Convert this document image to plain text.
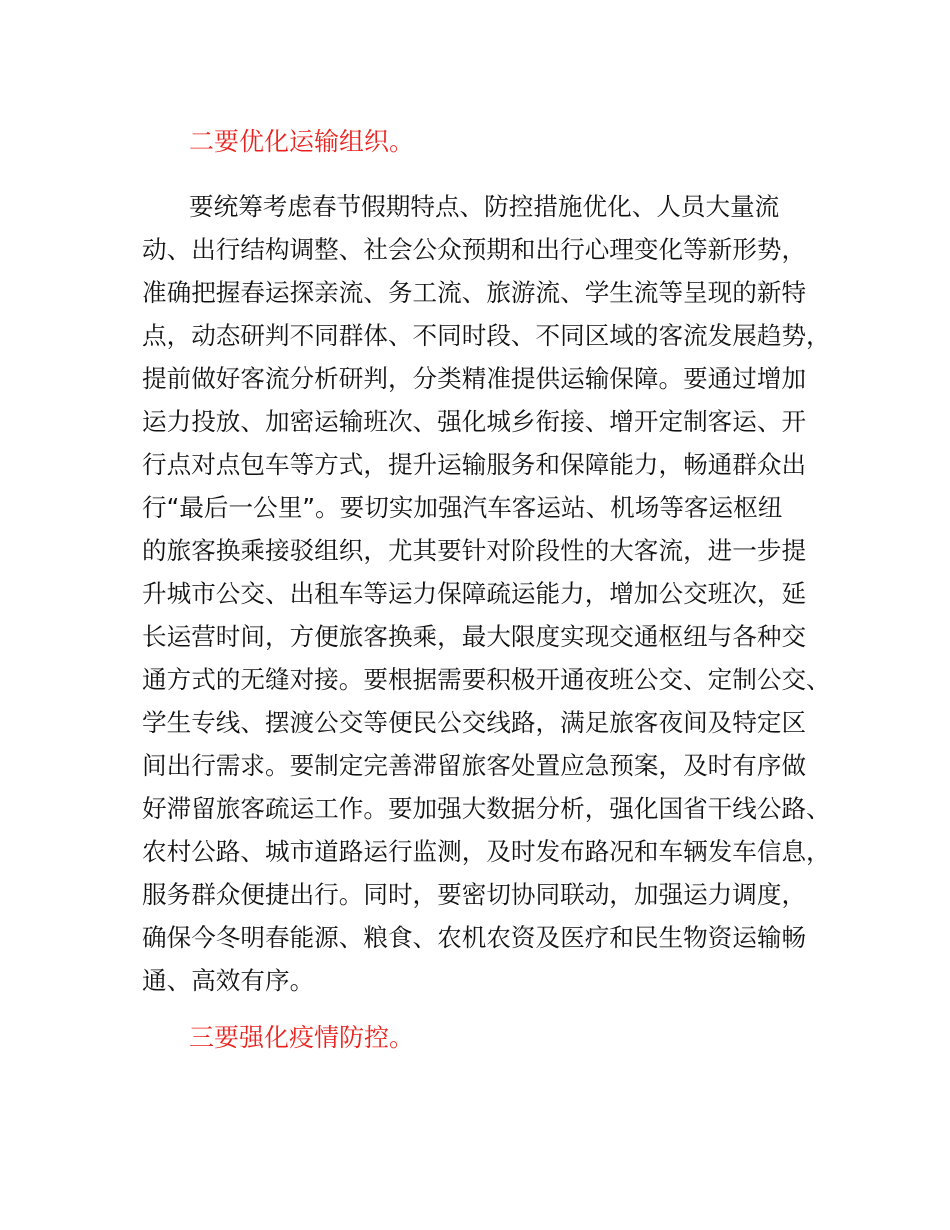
二要优化运输组织。
要统筹考虑春节假期特点、防控措施优化、人员大量流
动、出行结构调整、社会公众预期和出行心理变化等新形势，
准确把握春运探亲流、务工流、旅游流、学生流等呈现的新特
点，动态研判不同群体、不同时段、不同区域的客流发展趋势，
提前做好客流分析研判，分类精准提供运输保障。要通过增加
运力投放、加密运输班次、强化城乡衔接、增开定制客运、开
行点对点包车等方式，提升运输服务和保障能力，畅通群众出
行“最后一公里”。要切实加强汽车客运站、机场等客运枢纽
的旅客换乘接驳组织，尤其要针对阶段性的大客流，进一步提
升城市公交、出租车等运力保障疏运能力，增加公交班次，延
长运营时间，方便旅客换乘，最大限度实现交通枢纽与各种交
通方式的无缝对接。要根据需要积极开通夜班公交、定制公交、
学生专线、摆渡公交等便民公交线路，满足旅客夜间及特定区
间出行需求。要制定完善滞留旅客处置应急预案，及时有序做
好滞留旅客疏运工作。要加强大数据分析，强化国省干线公路、
农村公路、城市道路运行监测，及时发布路况和车辆发车信息，
服务群众便捷出行。同时，要密切协同联动，加强运力调度，
确保今冬明春能源、粮食、农机农资及医疗和民生物资运输畅
通、高效有序。
三要强化疫情防控。
